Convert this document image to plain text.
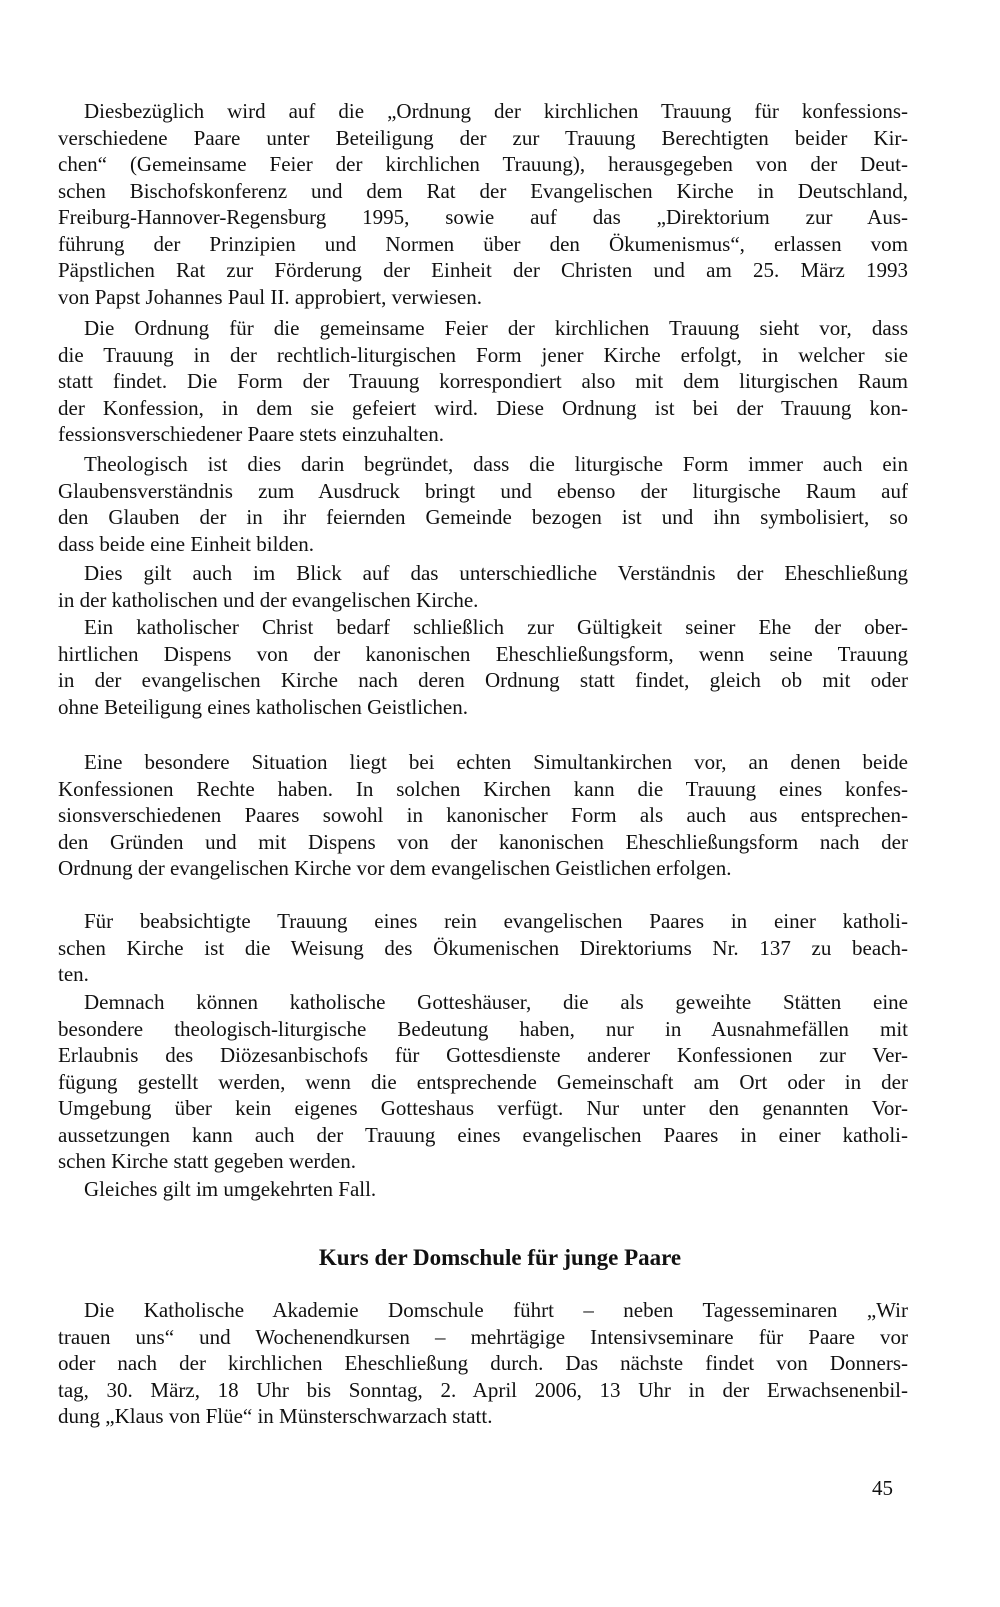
Diesbezüglich wird auf die „Ordnung der kirchlichen Trauung für konfessions-
verschiedene Paare unter Beteiligung der zur Trauung Berechtigten beider Kir-
chen“ (Gemeinsame Feier der kirchlichen Trauung), herausgegeben von der Deut-
schen Bischofskonferenz und dem Rat der Evangelischen Kirche in Deutschland,
Freiburg-Hannover-Regensburg 1995, sowie auf das „Direktorium zur Aus-
führung der Prinzipien und Normen über den Ökumenismus“, erlassen vom
Päpstlichen Rat zur Förderung der Einheit der Christen und am 25. März 1993
von Papst Johannes Paul II. approbiert, verwiesen.
Die Ordnung für die gemeinsame Feier der kirchlichen Trauung sieht vor, dass
die Trauung in der rechtlich-liturgischen Form jener Kirche erfolgt, in welcher sie
statt findet. Die Form der Trauung korrespondiert also mit dem liturgischen Raum
der Konfession, in dem sie gefeiert wird. Diese Ordnung ist bei der Trauung kon-
fessionsverschiedener Paare stets einzuhalten.
Theologisch ist dies darin begründet, dass die liturgische Form immer auch ein
Glaubensverständnis zum Ausdruck bringt und ebenso der liturgische Raum auf
den Glauben der in ihr feiernden Gemeinde bezogen ist und ihn symbolisiert, so
dass beide eine Einheit bilden.
Dies gilt auch im Blick auf das unterschiedliche Verständnis der Eheschließung
in der katholischen und der evangelischen Kirche.
Ein katholischer Christ bedarf schließlich zur Gültigkeit seiner Ehe der ober-
hirtlichen Dispens von der kanonischen Eheschließungsform, wenn seine Trauung
in der evangelischen Kirche nach deren Ordnung statt findet, gleich ob mit oder
ohne Beteiligung eines katholischen Geistlichen.
Eine besondere Situation liegt bei echten Simultankirchen vor, an denen beide
Konfessionen Rechte haben. In solchen Kirchen kann die Trauung eines konfes-
sionsverschiedenen Paares sowohl in kanonischer Form als auch aus entsprechen-
den Gründen und mit Dispens von der kanonischen Eheschließungsform nach der
Ordnung der evangelischen Kirche vor dem evangelischen Geistlichen erfolgen.
Für beabsichtigte Trauung eines rein evangelischen Paares in einer katholi-
schen Kirche ist die Weisung des Ökumenischen Direktoriums Nr. 137 zu beach-
ten.
Demnach können katholische Gotteshäuser, die als geweihte Stätten eine
besondere theologisch-liturgische Bedeutung haben, nur in Ausnahmefällen mit
Erlaubnis des Diözesanbischofs für Gottesdienste anderer Konfessionen zur Ver-
fügung gestellt werden, wenn die entsprechende Gemeinschaft am Ort oder in der
Umgebung über kein eigenes Gotteshaus verfügt. Nur unter den genannten Vor-
aussetzungen kann auch der Trauung eines evangelischen Paares in einer katholi-
schen Kirche statt gegeben werden.
Gleiches gilt im umgekehrten Fall.
Kurs der Domschule für junge Paare
Die Katholische Akademie Domschule führt – neben Tagesseminaren „Wir
trauen uns“ und Wochenendkursen – mehrtägige Intensivseminare für Paare vor
oder nach der kirchlichen Eheschließung durch. Das nächste findet von Donners-
tag, 30. März, 18 Uhr bis Sonntag, 2. April 2006, 13 Uhr in der Erwachsenenbil-
dung „Klaus von Flüe“ in Münsterschwarzach statt.
45
